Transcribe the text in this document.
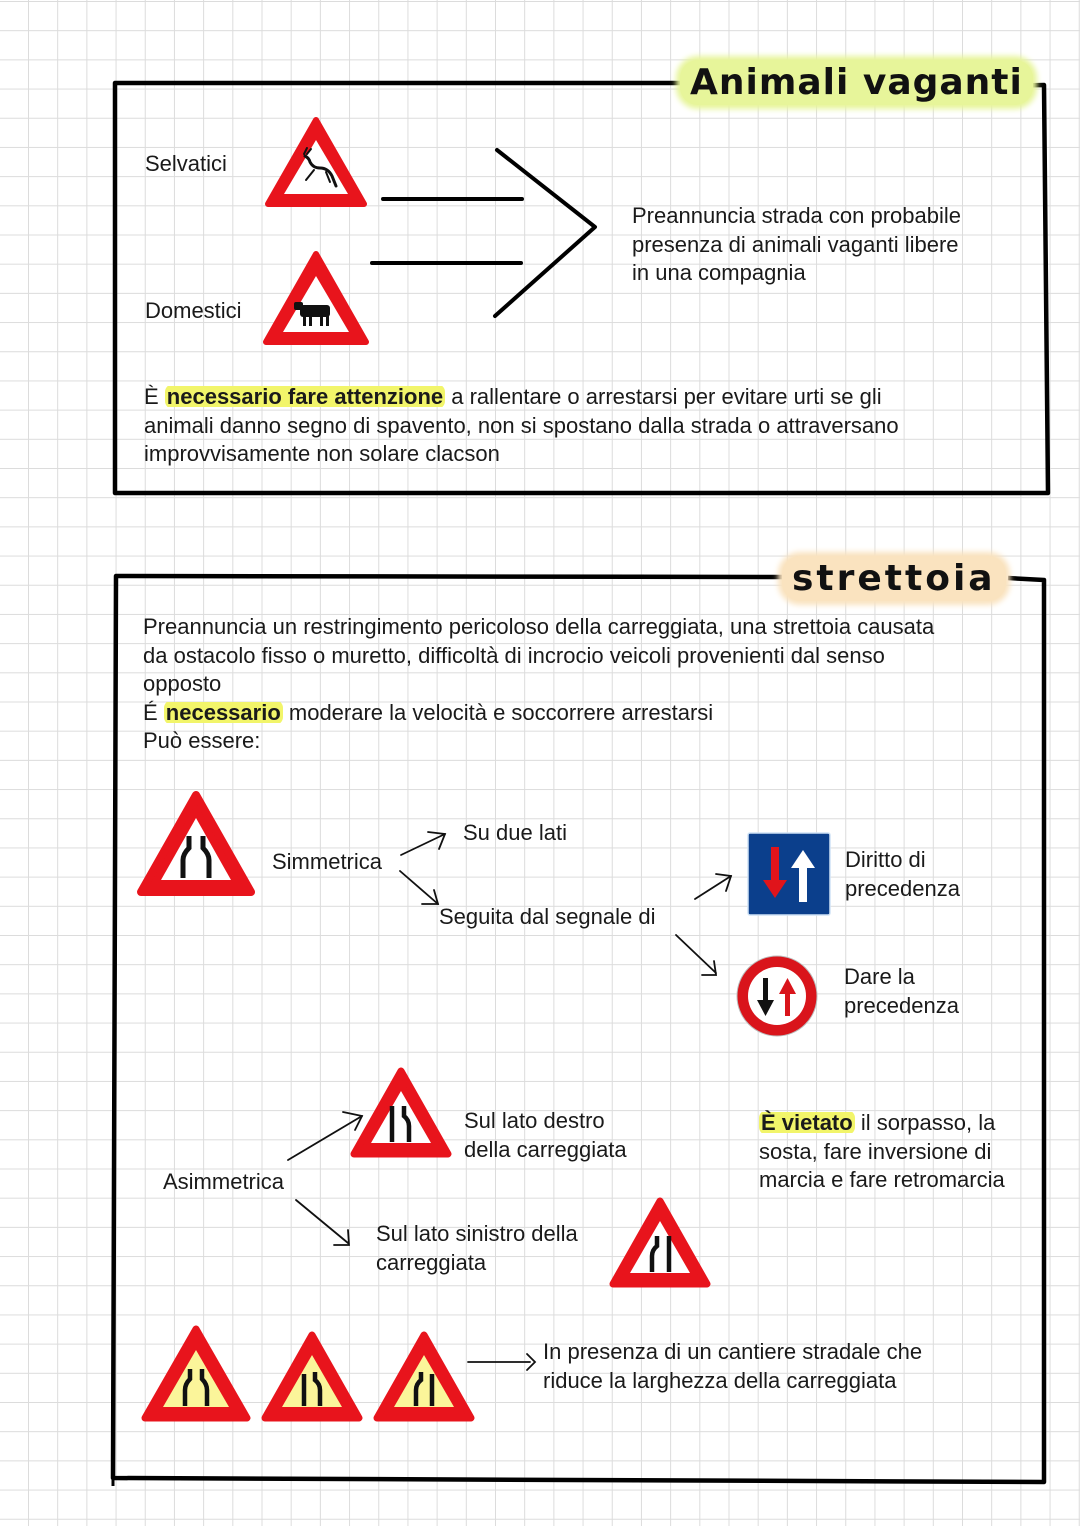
Animali vaganti
Selvatici
Domestici
Preannuncia strada con probabile
presenza di animali vaganti libere
in una compagnia
È necessario fare attenzione a rallentare o arrestarsi per evitare urti se gli
animali danno segno di spavento, non si spostano dalla strada o attraversano
improvvisamente non solare clacson
strettoia
Preannuncia un restringimento pericoloso della carreggiata, una strettoia causata
da ostacolo fisso o muretto, difficoltà di incrocio veicoli provenienti dal senso
opposto
É necessario moderare la velocità e soccorrere arrestarsi
Può essere:
Simmetrica
Su due lati
Seguita dal segnale di
Diritto di
precedenza
Dare la
precedenza
Sul lato destro
della carreggiata
Asimmetrica
Sul lato sinistro della
carreggiata
È vietato il sorpasso, la
sosta, fare inversione di
marcia e fare retromarcia
In presenza di un cantiere stradale che
riduce la larghezza della carreggiata
